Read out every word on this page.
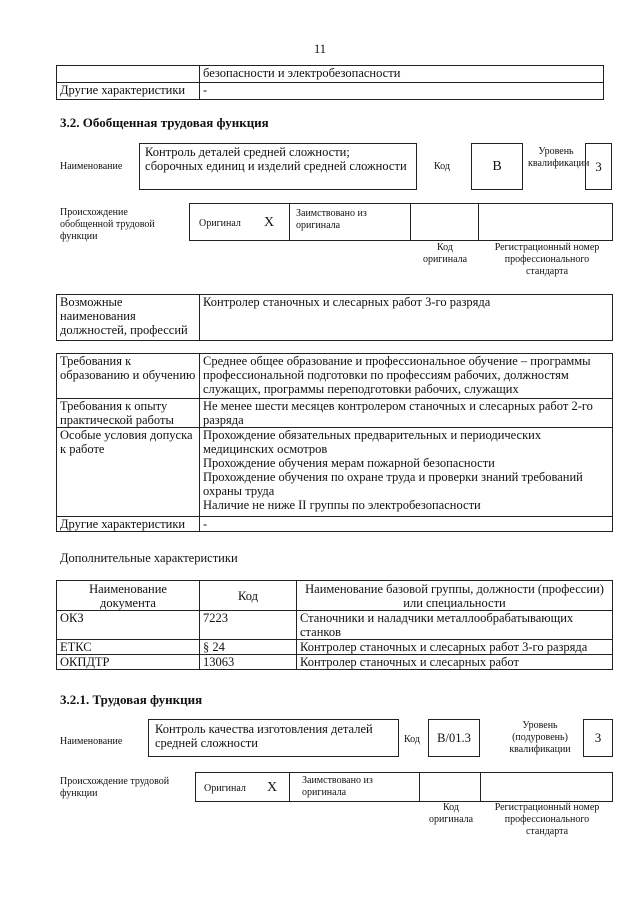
11
	безопасности и электробезопасности
Другие характеристики	-
3.2. Обобщенная трудовая функция
Наименование
Контроль деталей средней сложности; сборочных единиц и изделий средней сложности	Код	B
Уровень квалификации 3
Происхождение обобщенной трудовой функции
Оригинал X
Заимствовано из оригинала
Код оригинала
Регистрационный номер профессионального стандарта
Возможные наименования должностей, профессий	Контролер станочных и слесарных работ 3-го разряда
Требования к образованию и обучению	Среднее общее образование и профессиональное обучение – программы профессиональной подготовки по профессиям рабочих, должностям служащих, программы переподготовки рабочих, служащих
Требования к опыту практической работы	Не менее шести месяцев контролером станочных и слесарных работ 2-го разряда
Особые условия допуска к работе	Прохождение обязательных предварительных и периодических медицинских осмотров
Прохождение обучения мерам пожарной безопасности
Прохождение обучения по охране труда и проверки знаний требований охраны труда
Наличие не ниже II группы по электробезопасности

Другие характеристики	-
Дополнительные характеристики
Наименование документа	Код	Наименование базовой группы, должности (профессии) или специальности
ОКЗ	7223	Станочники и наладчики металлообрабатывающих станков
ЕТКС	§ 24	Контролер станочных и слесарных работ 3-го разряда
ОКПДТР	13063	Контролер станочных и слесарных работ
3.2.1. Трудовая функция
Наименование
Контроль качества изготовления деталей средней сложности	Код	B/01.3
Уровень (подуровень) квалификации
3
Происхождение трудовой функции	Оригинал X	Заимствовано из оригинала
Код оригинала
Регистрационный номер профессионального стандарта
